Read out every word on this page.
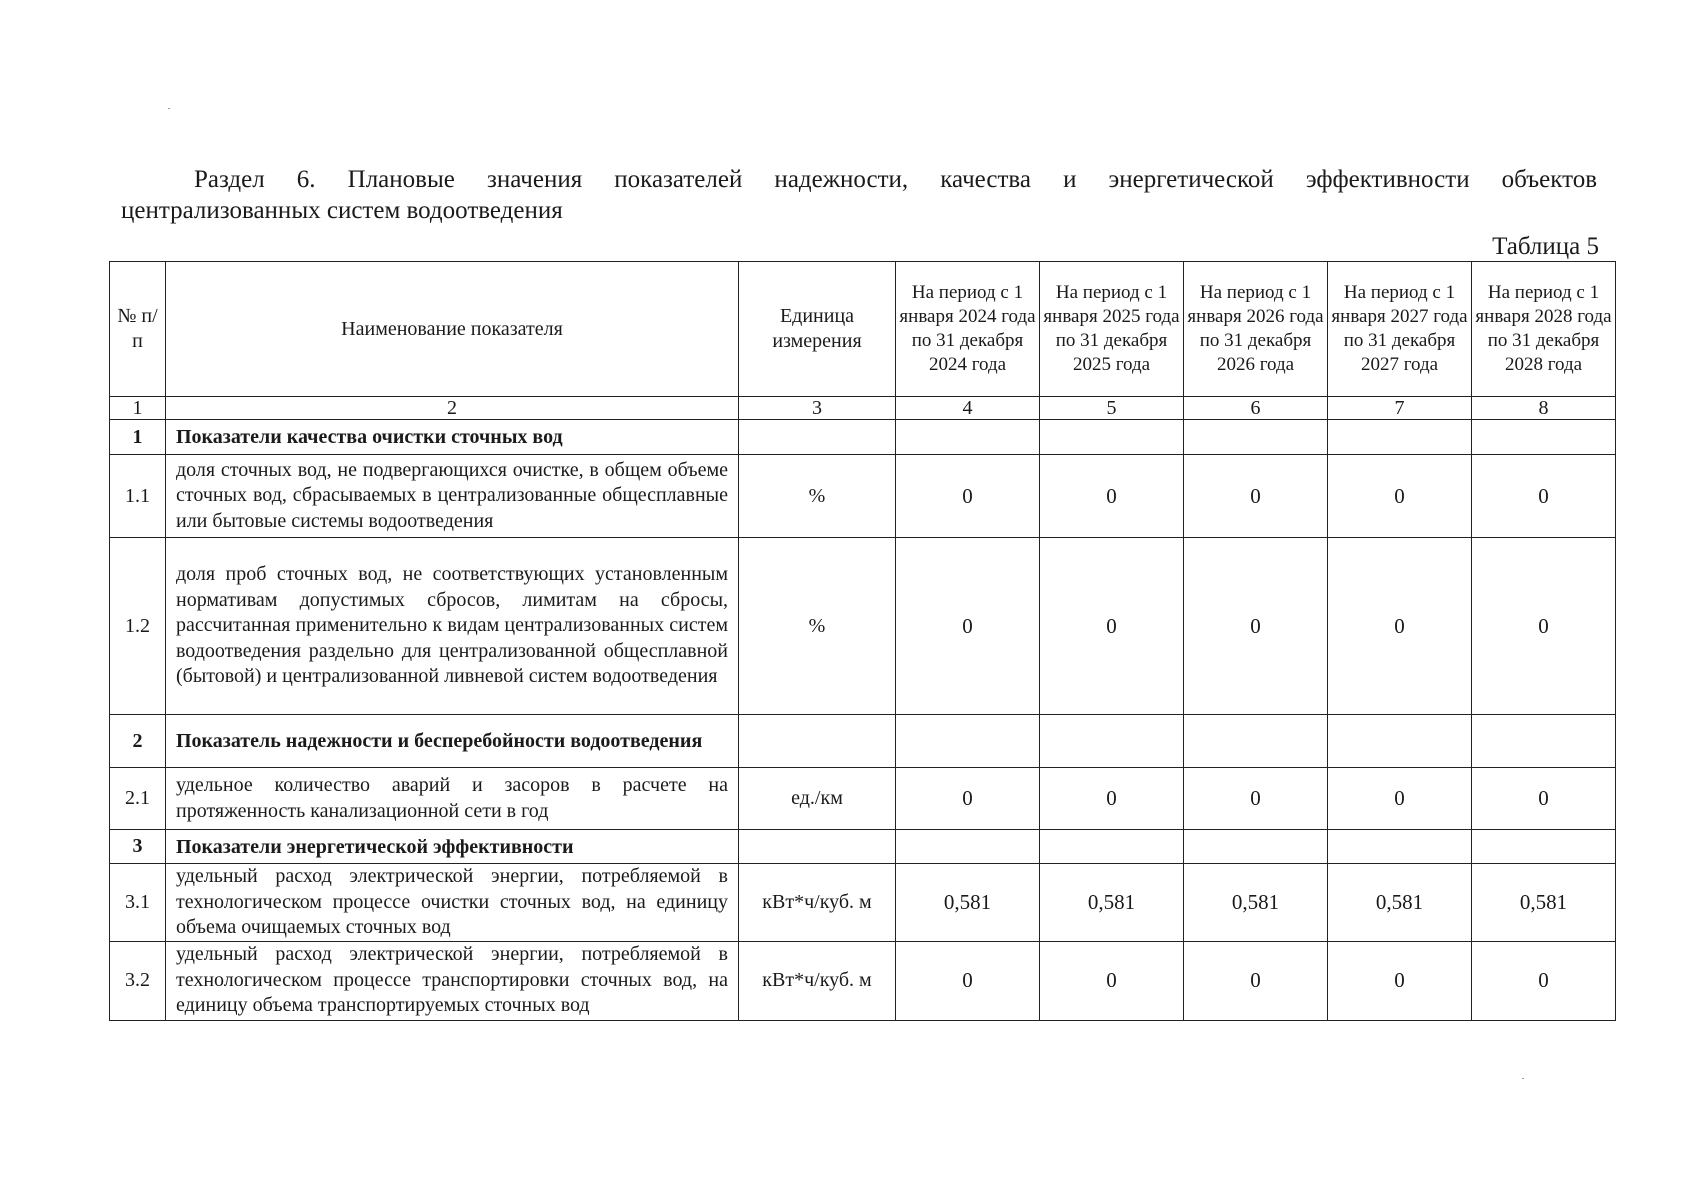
Раздел 6. Плановые значения показателей надежности, качества и энергетической эффективности объектов
централизованных систем водоотведения
Таблица 5
№ п/п	Наименование показателя	Единица измерения	На период с 1 января 2024 года по 31 декабря 2024 года	На период с 1 января 2025 года по 31 декабря 2025 года	На период с 1 января 2026 года по 31 декабря 2026 года	На период с 1 января 2027 года по 31 декабря 2027 года	На период с 1 января 2028 года по 31 декабря 2028 года
1	2	3	4	5	6	7	8
1	Показатели качества очистки сточных вод						
1.1	доля сточных вод, не подвергающихся очистке, в общем объеме сточных вод, сбрасываемых в централизованные общесплавные или бытовые системы водоотведения	%	0	0	0	0	0
1.2	доля проб сточных вод, не соответствующих установленным нормативам допустимых сбросов, лимитам на сбросы, рассчитанная применительно к видам централизованных систем водоотведения раздельно для централизованной общесплавной (бытовой) и централизованной ливневой систем водоотведения	%	0	0	0	0	0
2	Показатель надежности и бесперебойности водоотведения						
2.1	удельное количество аварий и засоров в расчете на протяженность канализационной сети в год	ед./км	0	0	0	0	0
3	Показатели энергетической эффективности						
3.1	удельный расход электрической энергии, потребляемой в технологическом процессе очистки сточных вод, на единицу объема очищаемых сточных вод	кВт*ч/куб. м	0,581	0,581	0,581	0,581	0,581
3.2	удельный расход электрической энергии, потребляемой в технологическом процессе транспортировки сточных вод, на единицу объема транспортируемых сточных вод	кВт*ч/куб. м	0	0	0	0	0
